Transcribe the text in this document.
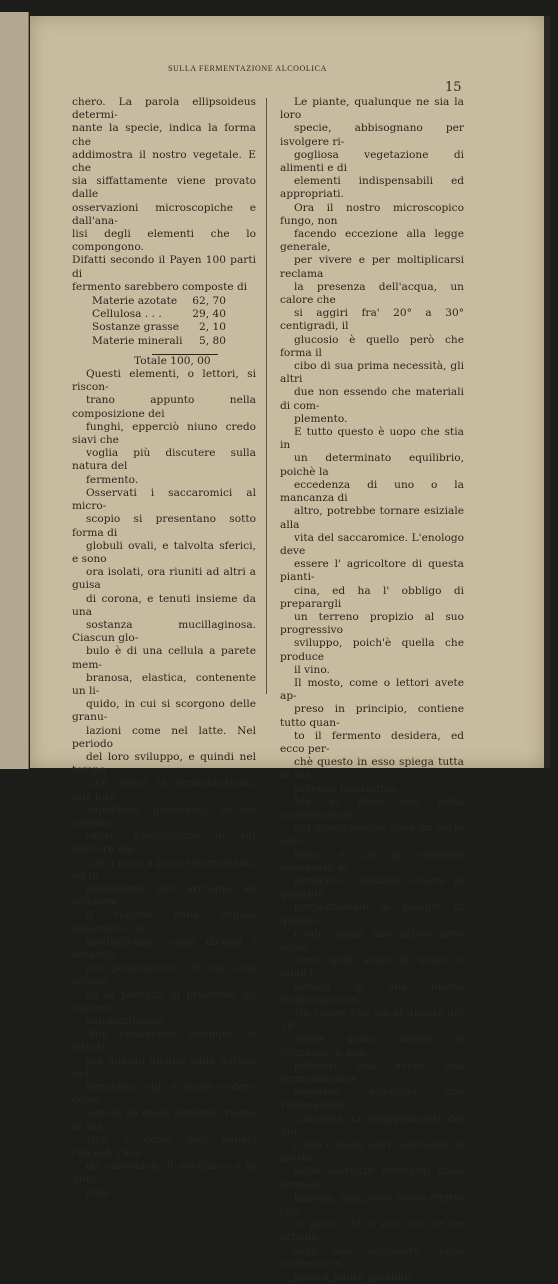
SULLA FERMENTAZIONE ALCOOLICA
15

chero. La parola ellipsoideus determi-
nante la specie, indica la forma che
addimostra il nostro vegetale. E che
sia siffattamente viene provato dalle
osservazioni microscopiche e dall'ana-
lisi degli elementi che lo compongono.
Difatti secondo il Payen 100 parti di
fermento sarebbero composte di

Materie azotate 62, 70
Cellulosa . . .	29, 40
Sostanze grasse 2, 10
Materie minerali 5, 80
Totale 100, 00

Questi elementi, o lettori, si riscon-
trano appunto nella composizione dei
funghi, epperciò niuno credo siavi che
voglia più discutere sulla natura del
fermento.

Osservati i saccaromici al micro-
scopio si presentano sotto forma di
globuli ovali, e talvolta sferici, e sono
ora isolati, ora riuniti ad altri a guisa
di corona, e tenuti insieme da una
sostanza mucillaginosa. Ciascun glo-
bulo è di una cellula a parete mem-
branosa, elastica, contenente un li-
quido, in cui si scorgono delle granu-
lazioni come nel latte. Nel periodo
del loro sviluppo, e quindi nel tempo
ch'è attiva la fermentazione, alla loro
superficie generansi alcune protube-
ranze, piccolissime in sul nascere ma
che a poco a poco s'ingrossano, ed in
pochissime ore arrivano ad ottenere
il volume della cellula generante. Si
moltiplicano, come dicono i botanici,
per gemmazione, ed una sola cellula
ha la potenza di produrne un numero
estraordinario.

Non rimanendo adunque, o lettori,
più dubbio alcuno sulla natura del
fermento, egli è facile vedere come
vegeti, da quali alimenti tragga la sua
vita, e come mai generi l'alcool, l'aci-
do carbonico, il succinico e la glice-
rina.

Le piante, qualunque ne sia la loro
specie, abbisognano per isvolgere ri-
gogliosa vegetazione di alimenti e di
elementi indispensabili ed appropriati.
Ora il nostro microscopico fungo, non
facendo eccezione alla legge generale,
per vivere e per moltiplicarsi reclama
la presenza dell'acqua, un calore che
si aggiri fra' 20° a 30° centigradi, il
glucosio è quello però che forma il
cibo di sua prima necessità, gli altri
due non essendo che materiali di com-
plemento.

E tutto questo è uopo che stia in
un determinato equilibrio, poichè la
eccedenza di uno o la mancanza di
altro, potrebbe tornare esiziale alla
vita del saccaromice. L'enologo deve
essere l' agricoltore di questa pianti-
cina, ed ha l' obbligo di preparargli
un terreno propizio al suo progressivo
sviluppo, poich'è quella che produce
il vino.

Il mosto, come o lettori avete ap-
preso in principio, contiene tutto quan-
to il fermento desidera, ed ecco per-
chè questo in esso spiega tutta la sua
potenza produttiva.

Ma io dissi che nella composizione
del mosto regnar deve un certo equi-
librio, e che gli elementi necessarii al
fermento, debbano essere in quantità
proporzionale ai bisogni di questo;
credo quindi mio debito farvi cono-
scere quali siano gli amici, e quali i
nemici di una buona fermentazione.

Un calore che sia al disotto del 16°
rende quasi inattivo il fermento, e non
potrassi mai avere una fermentazione
regolare, epperciò una vinificazione
completa. Lo sdoppiamento del glu-
cosio e degli altri costituenti il mosto
nelle sostanze derivanti dalla fermen-
tazione, non potrà avere effetto che
in parte, ed il vino che se ne ottiene
sarà mal composto, poco serbevole e
poco o punto potabile.
